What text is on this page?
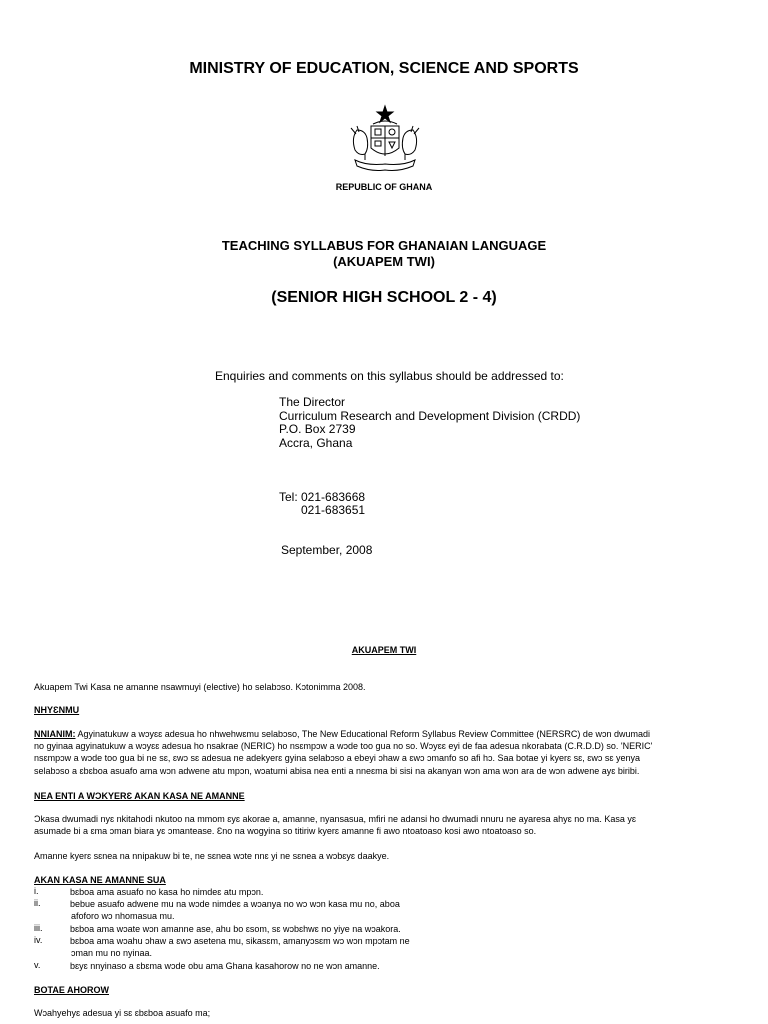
MINISTRY OF EDUCATION, SCIENCE AND SPORTS
REPUBLIC OF GHANA
TEACHING SYLLABUS FOR GHANAIAN LANGUAGE
(AKUAPEM TWI)
(SENIOR HIGH SCHOOL 2 - 4)
Enquiries and comments on this syllabus should be addressed to:
The Director
Curriculum Research and Development Division (CRDD)
P.O. Box 2739
Accra, Ghana
Tel: 021-683668
021-683651
September, 2008
AKUAPEM TWI
Akuapem Twi Kasa ne amanne nsawmuyi (elective) ho selabɔso. Kɔtonimma 2008.
NHYƐNMU
NNIANIM: Agyinatukuw a wɔyɛɛ adesua ho nhwehwɛmu selabɔso, The New Educational Reform Syllabus Review Committee (NERSRC) de wɔn dwumadi
no gyinaa agyinatukuw a wɔyɛɛ adesua ho nsakrae (NERIC) ho nsɛmpɔw a wɔde too gua no so. Wɔyɛɛ eyi de faa adesua nkorabata (C.R.D.D) so. 'NERIC'
nsɛmpɔw a wɔde too gua bi ne sɛ, ɛwɔ sɛ adesua ne adekyerɛ gyina selabɔso a ebeyi ɔhaw a ɛwɔ ɔmanfo so afi hɔ. Saa botae yi kyerɛ sɛ, ɛwɔ sɛ yenya
selabɔso a ɛbɛboa asuafo ama wɔn adwene atu mpɔn, wɔatumi abisa nea enti a nneɛma bi sisi na akanyan wɔn ama wɔn ara de wɔn adwene ayɛ biribi.
NEA ENTI A WƆKYERƐ AKAN KASA NE AMANNE
Ɔkasa dwumadi nyɛ nkitahodi nkutoo na mmom ɛyɛ akorae a, amanne, nyansasua, mfiri ne adansi ho dwumadi nnuru ne ayaresa ahyɛ no ma. Kasa yɛ
asumade bi a ɛma ɔman biara yɛ ɔmantease. Ɛno na wogyina so titiriw kyerɛ amanne fi awo ntoatoaso kosi awo ntoatoaso so.
Amanne kyerɛ sɛnea na nnipakuw bi te, ne sɛnea wɔte nnɛ yi ne sɛnea a wɔbɛyɛ daakye.
AKAN KASA NE AMANNE SUA
i.	bɛboa ama asuafo no kasa ho nimdeɛ atu mpɔn.
ii.	bebue asuafo adwene mu na wɔde nimdeɛ a wɔanya no wɔ wɔn kasa mu no, aboa
afoforo wɔ nhomasua mu.
iii.	bɛboa ama wɔate wɔn amanne ase, ahu bo ɛsom, sɛ wɔbɛhwɛ no yiye na wɔakora.
iv.	bɛboa ama wɔahu ɔhaw a ɛwɔ asetena mu, sikasɛm, amanyɔsɛm wɔ wɔn mpɔtam ne
ɔman mu no nyinaa.
v.	bɛyɛ nnyinaso a ɛbɛma wɔde obu ama Ghana kasahorow no ne wɔn amanne.
BOTAE AHOROW
Wɔahyehyɛ adesua yi sɛ ɛbɛboa asuafo ma;
